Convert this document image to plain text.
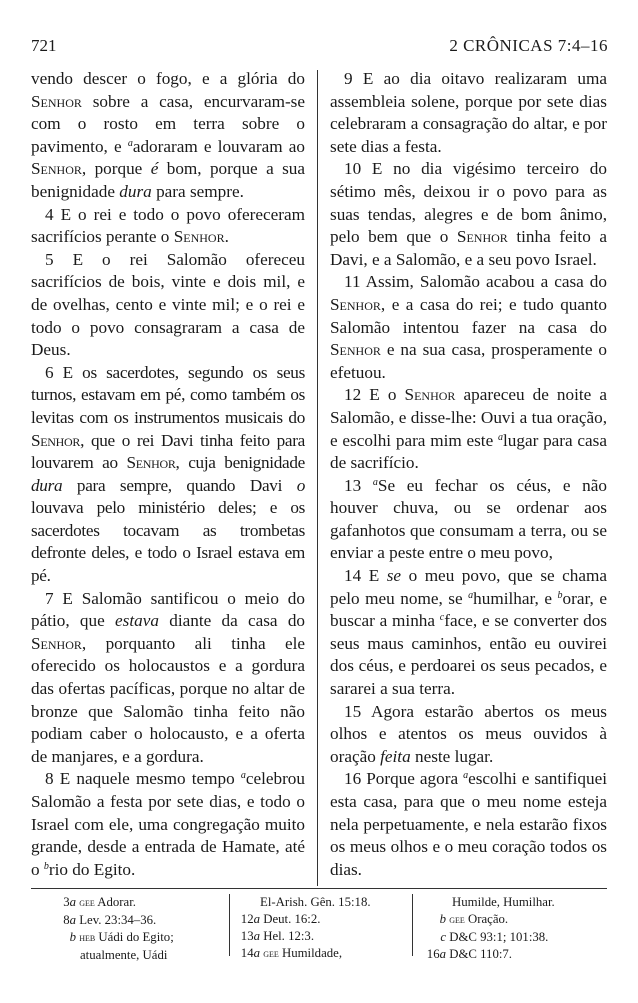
721	2 CRÔNICAS 7:4–16

vendo descer o fogo, e a glória do Senhor sobre a casa, encurvaram-se com o rosto em terra sobre o pavimento, e $^a$adoraram e louvaram ao Senhor, porque é bom, porque a sua benignidade dura para sempre.

4 E o rei e todo o povo ofereceram sacrifícios perante o Senhor.

5 E o rei Salomão ofereceu sacrifícios de bois, vinte e dois mil, e de ovelhas, cento e vinte mil; e o rei e todo o povo consagraram a casa de Deus.

6 E os sacerdotes, segundo os seus turnos, estavam em pé, como também os levitas com os instrumentos musicais do Senhor, que o rei Davi tinha feito para louvarem ao Senhor, cuja benignidade dura para sempre, quando Davi o louvava pelo ministério deles; e os sacerdotes tocavam as trombetas defronte deles, e todo o Israel estava em pé.

7 E Salomão santificou o meio do pátio, que estava diante da casa do Senhor, porquanto ali tinha ele oferecido os holocaustos e a gordura das ofertas pacíficas, porque no altar de bronze que Salomão tinha feito não podiam caber o holocausto, e a oferta de manjares, e a gordura.

8 E naquele mesmo tempo $^a$celebrou Salomão a festa por sete dias, e todo o Israel com ele, uma congregação muito grande, desde a entrada de Hamate, até o $^b$rio do Egito.

9 E ao dia oitavo realizaram uma assembleia solene, porque por sete dias celebraram a consagração do altar, e por sete dias a festa.

10 E no dia vigésimo terceiro do sétimo mês, deixou ir o povo para as suas tendas, alegres e de bom ânimo, pelo bem que o Senhor tinha feito a Davi, e a Salomão, e a seu povo Israel.

11 Assim, Salomão acabou a casa do Senhor, e a casa do rei; e tudo quanto Salomão intentou fazer na casa do Senhor e na sua casa, prosperamente o efetuou.

12 E o Senhor apareceu de noite a Salomão, e disse-lhe: Ouvi a tua oração, e escolhi para mim este $^a$lugar para casa de sacrifício.

13 $^a$Se eu fechar os céus, e não houver chuva, ou se ordenar aos gafanhotos que consumam a terra, ou se enviar a peste entre o meu povo,

14 E se o meu povo, que se chama pelo meu nome, se $^a$humilhar, e $^b$orar, e buscar a minha $^c$face, e se converter dos seus maus caminhos, então eu ouvirei dos céus, e perdoarei os seus pecados, e sararei a sua terra.

15 Agora estarão abertos os meus olhos e atentos os meus ouvidos à oração feita neste lugar.

16 Porque agora $^a$escolhi e santifiquei esta casa, para que o meu nome esteja nela perpetuamente, e nela estarão fixos os meus olhos e o meu coração todos os dias.

3a gee Adorar.
8a Lev. 23:34–36.
b heb Uádi do Egito;
atualmente, Uádi
El-Arish. Gên. 15:18.
12a Deut. 16:2.
13a Hel. 12:3.
14a gee Humildade,
Humilde, Humilhar.
b gee Oração.
c D&C 93:1; 101:38.
16a D&C 110:7.
